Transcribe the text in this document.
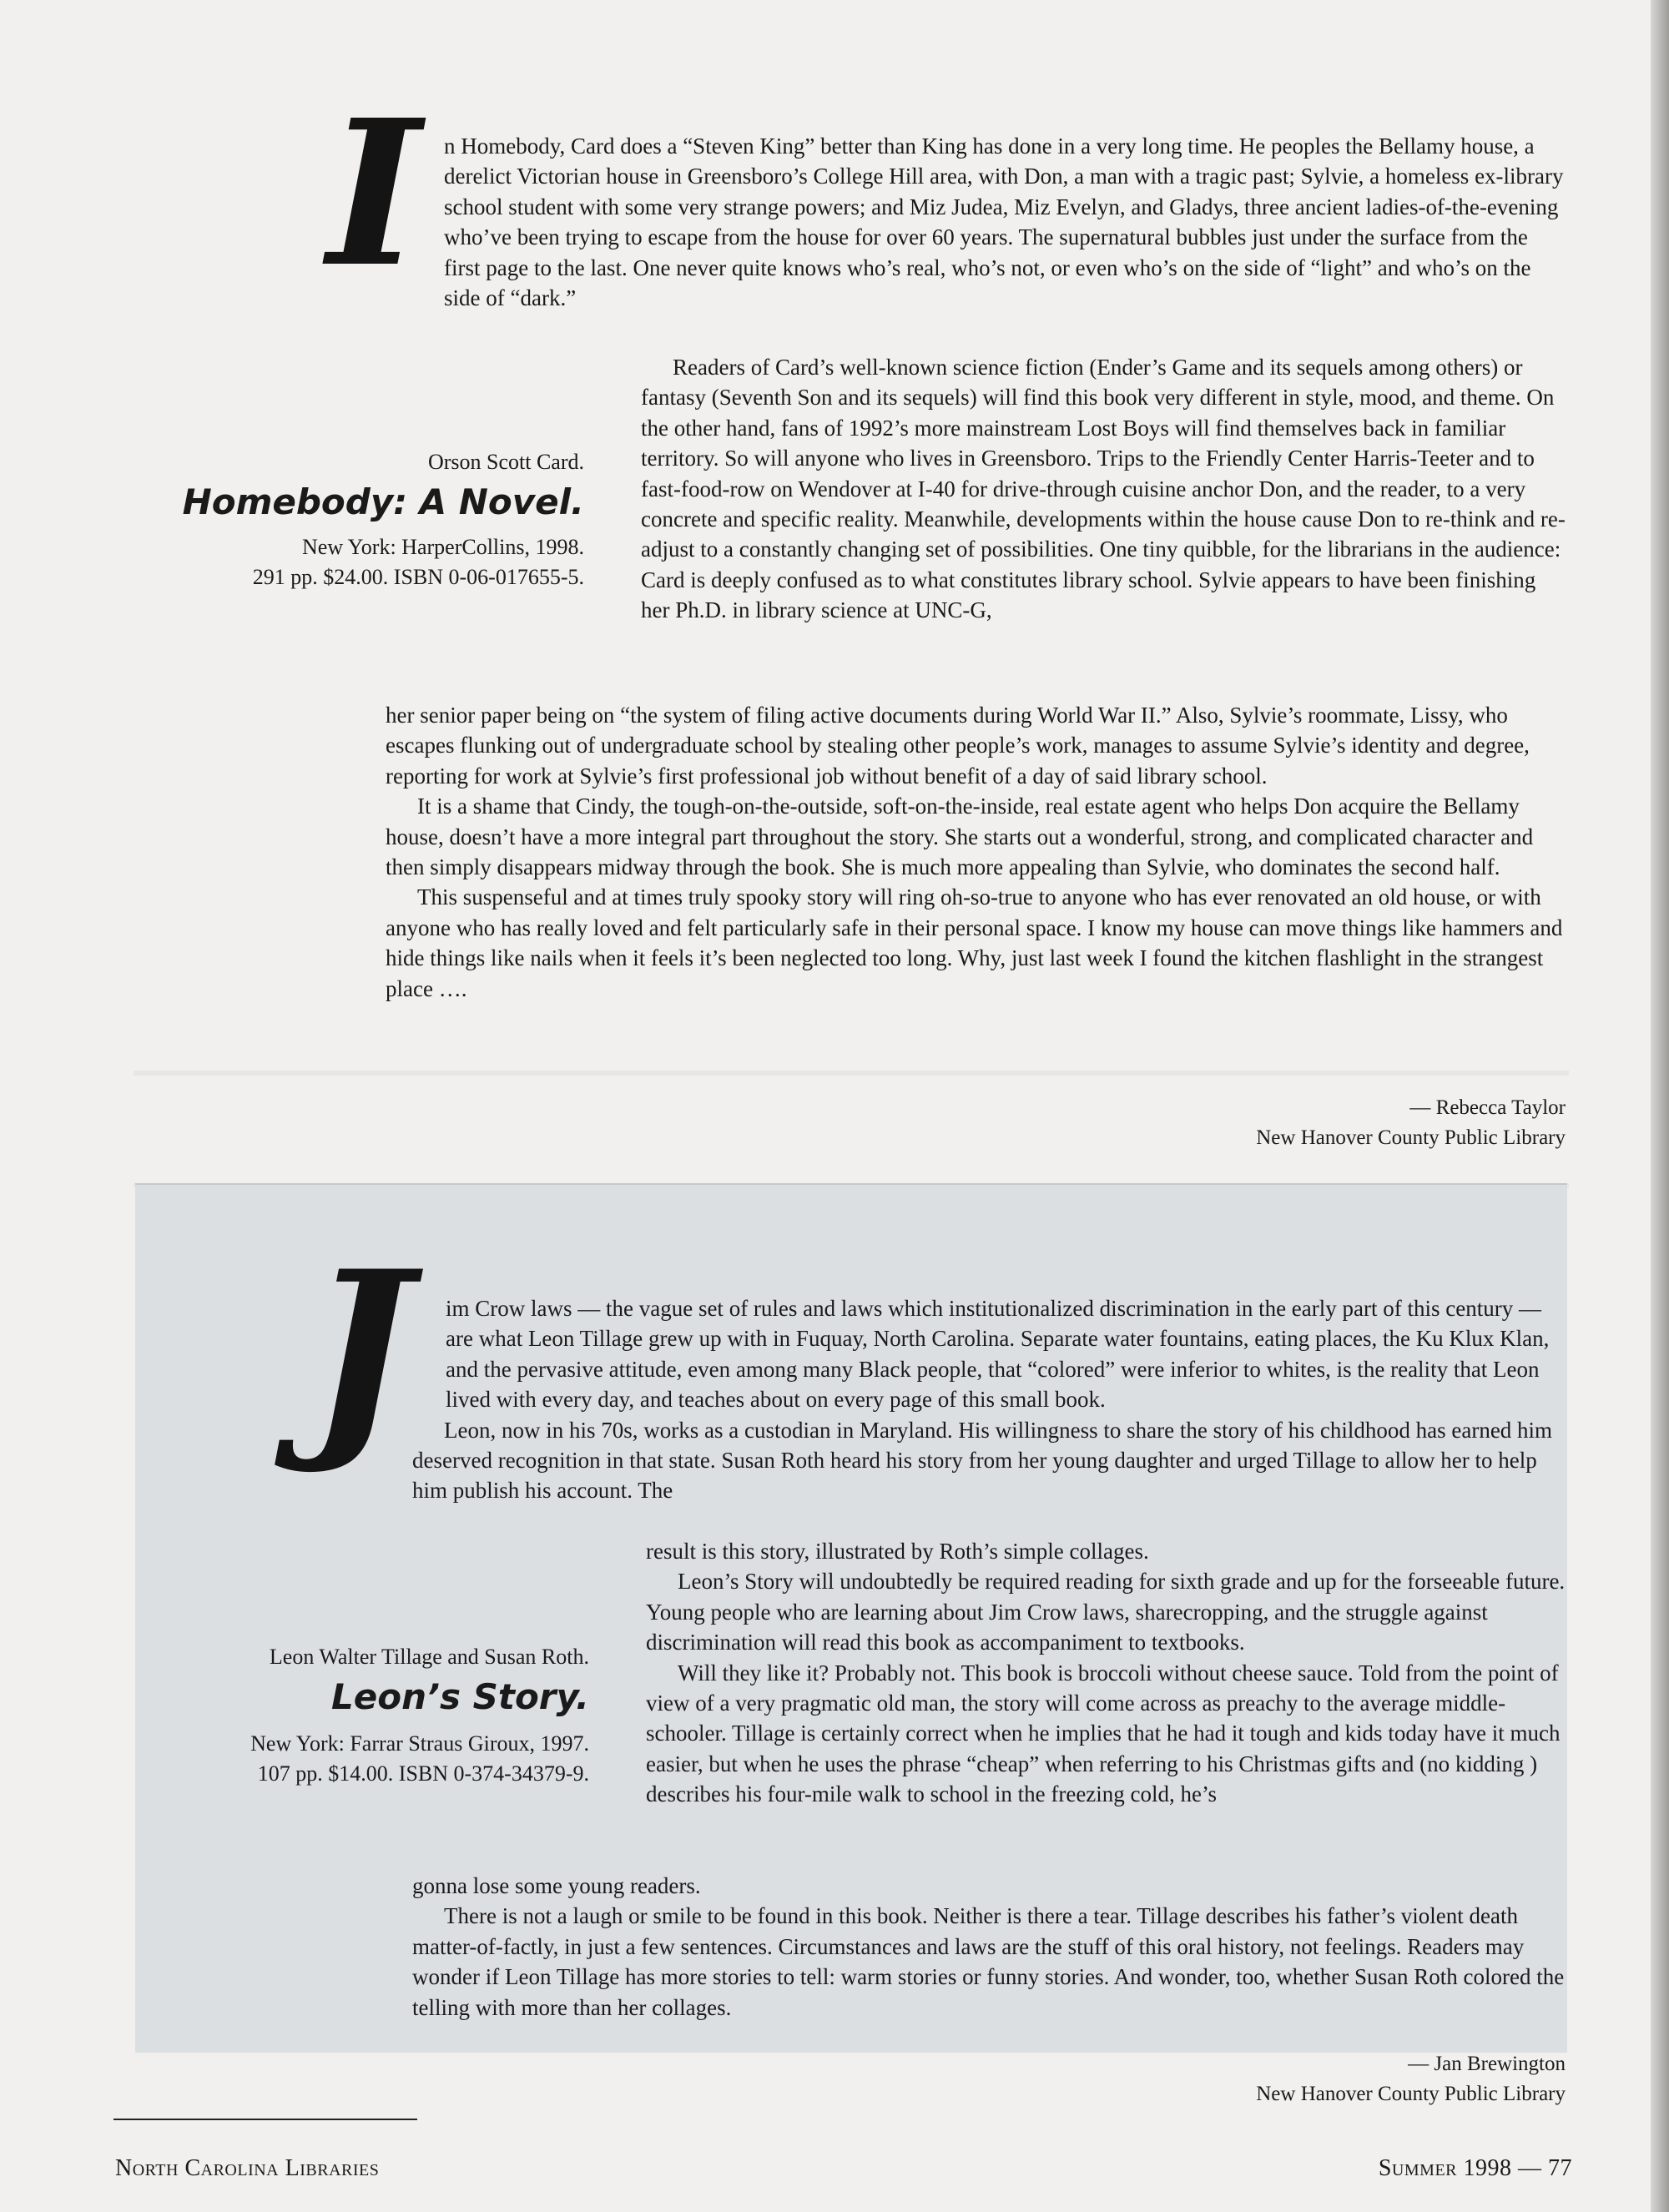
I n Homebody, Card does a “Steven King” better than King has done in a very long time. He peoples the Bellamy house, a derelict Victorian house in Greensboro’s College Hill area, with Don, a man with a tragic past; Sylvie, a homeless ex-library school student with some very strange powers; and Miz Judea, Miz Evelyn, and Gladys, three ancient ladies-of-the-evening who’ve been trying to escape from the house for over 60 years. The supernatural bubbles just under the surface from the first page to the last. One never quite knows who’s real, who’s not, or even who’s on the side of “light” and who’s on the side of “dark.”

Readers of Card’s well-known science fiction (Ender’s Game and its sequels among others) or fantasy (Seventh Son and its sequels) will find this book very different in style, mood, and theme. On the other hand, fans of 1992’s more mainstream Lost Boys will find themselves back in familiar territory. So will anyone who lives in Greensboro. Trips to the Friendly Center Harris-Teeter and to fast-food-row on Wendover at I-40 for drive-through cuisine anchor Don, and the reader, to a very concrete and specific reality. Meanwhile, developments within the house cause Don to re-think and re-adjust to a constantly changing set of possibilities. One tiny quibble, for the librarians in the audience: Card is deeply confused as to what constitutes library school. Sylvie appears to have been finishing her Ph.D. in library science at UNC-G,

her senior paper being on “the system of filing active documents during World War II.” Also, Sylvie’s roommate, Lissy, who escapes flunking out of undergraduate school by stealing other people’s work, manages to assume Sylvie’s identity and degree, reporting for work at Sylvie’s first professional job without benefit of a day of said library school.

It is a shame that Cindy, the tough-on-the-outside, soft-on-the-inside, real estate agent who helps Don acquire the Bellamy house, doesn’t have a more integral part throughout the story. She starts out a wonderful, strong, and complicated character and then simply disappears midway through the book. She is much more appealing than Sylvie, who dominates the second half.

This suspenseful and at times truly spooky story will ring oh-so-true to anyone who has ever renovated an old house, or with anyone who has really loved and felt particularly safe in their personal space. I know my house can move things like hammers and hide things like nails when it feels it’s been neglected too long. Why, just last week I found the kitchen flashlight in the strangest place ….

Orson Scott Card.

Homebody: A Novel.

New York: HarperCollins, 1998.

291 pp. $24.00. ISBN 0-06-017655-5.

— Rebecca Taylor

New Hanover County Public Library

J im Crow laws — the vague set of rules and laws which institutionalized discrimination in the early part of this century — are what Leon Tillage grew up with in Fuquay, North Carolina. Separate water fountains, eating places, the Ku Klux Klan, and the pervasive attitude, even among many Black people, that “colored” were inferior to whites, is the reality that Leon lived with every day, and teaches about on every page of this small book.

Leon, now in his 70s, works as a custodian in Maryland. His willingness to share the story of his childhood has earned him deserved recognition in that state. Susan Roth heard his story from her young daughter and urged Tillage to allow her to help him publish his account. The

result is this story, illustrated by Roth’s simple collages.

Leon’s Story will undoubtedly be required reading for sixth grade and up for the forseeable future. Young people who are learning about Jim Crow laws, sharecropping, and the struggle against discrimination will read this book as accompaniment to textbooks.

Will they like it? Probably not. This book is broccoli without cheese sauce. Told from the point of view of a very pragmatic old man, the story will come across as preachy to the average middle-schooler. Tillage is certainly correct when he implies that he had it tough and kids today have it much easier, but when he uses the phrase “cheap” when referring to his Christmas gifts and (no kidding ) describes his four-mile walk to school in the freezing cold, he’s

gonna lose some young readers.

There is not a laugh or smile to be found in this book. Neither is there a tear. Tillage describes his father’s violent death matter-of-factly, in just a few sentences. Circumstances and laws are the stuff of this oral history, not feelings. Readers may wonder if Leon Tillage has more stories to tell: warm stories or funny stories. And wonder, too, whether Susan Roth colored the telling with more than her collages.

Leon Walter Tillage and Susan Roth.

Leon’s Story.

New York: Farrar Straus Giroux, 1997.

107 pp. $14.00. ISBN 0-374-34379-9.

— Jan Brewington

New Hanover County Public Library

North Carolina Libraries	Summer 1998 — 77
